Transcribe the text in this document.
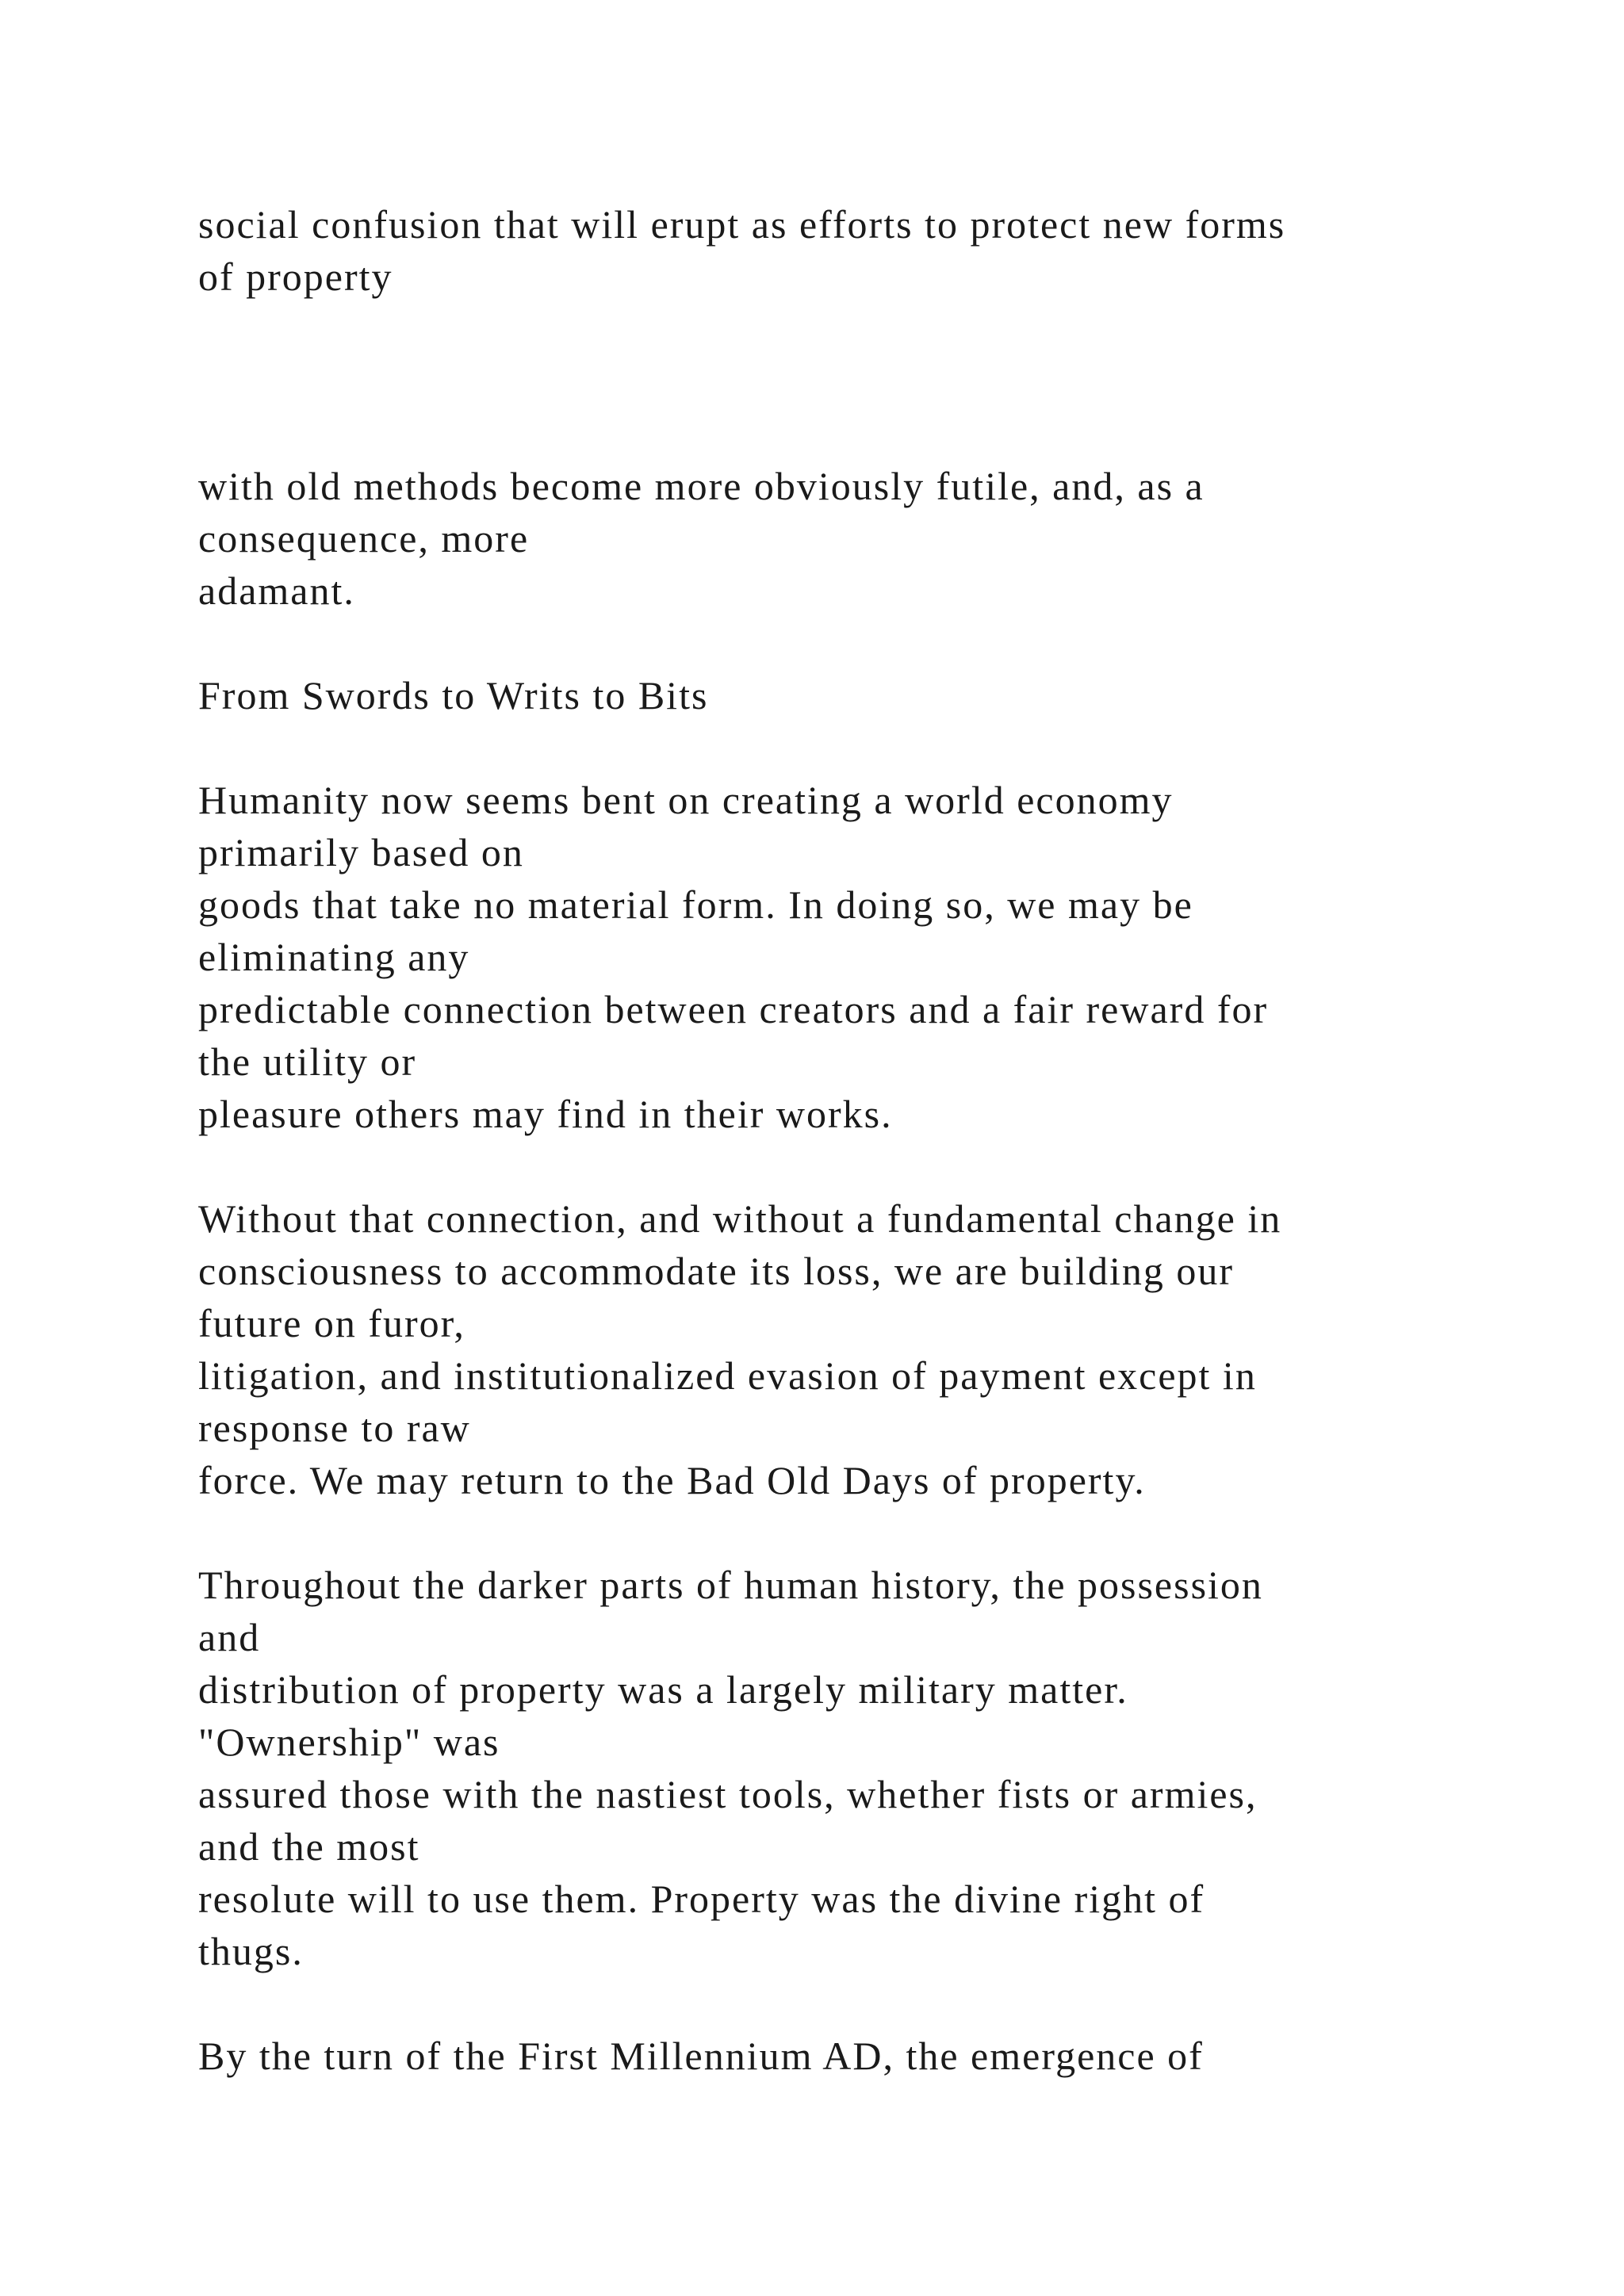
social confusion that will erupt as efforts to protect new forms
of property
with old methods become more obviously futile, and, as a
consequence, more
adamant.
From Swords to Writs to Bits
Humanity now seems bent on creating a world economy
primarily based on
goods that take no material form. In doing so, we may be
eliminating any
predictable connection between creators and a fair reward for
the utility or
pleasure others may find in their works.
Without that connection, and without a fundamental change in
consciousness to accommodate its loss, we are building our
future on furor,
litigation, and institutionalized evasion of payment except in
response to raw
force. We may return to the Bad Old Days of property.
Throughout the darker parts of human history, the possession
and
distribution of property was a largely military matter.
"Ownership" was
assured those with the nastiest tools, whether fists or armies,
and the most
resolute will to use them. Property was the divine right of
thugs.
By the turn of the First Millennium AD, the emergence of
